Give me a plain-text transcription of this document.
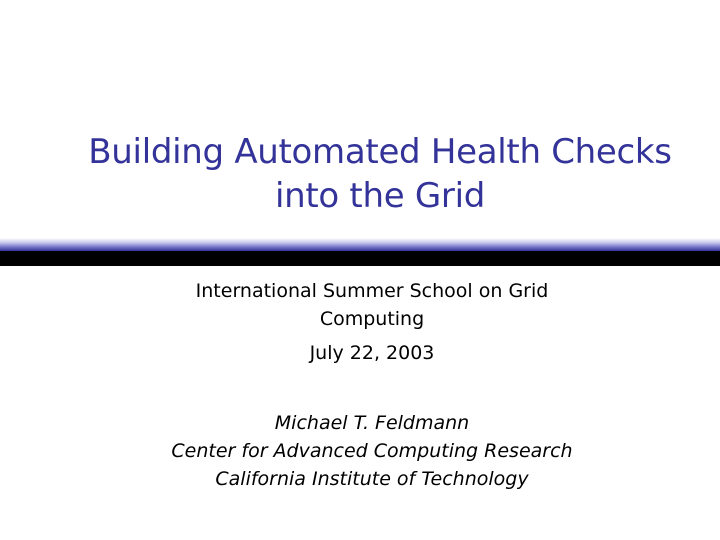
Building Automated Health Checks
into the Grid
International Summer School on Grid
Computing
July 22, 2003
Michael T. Feldmann
Center for Advanced Computing Research
California Institute of Technology
